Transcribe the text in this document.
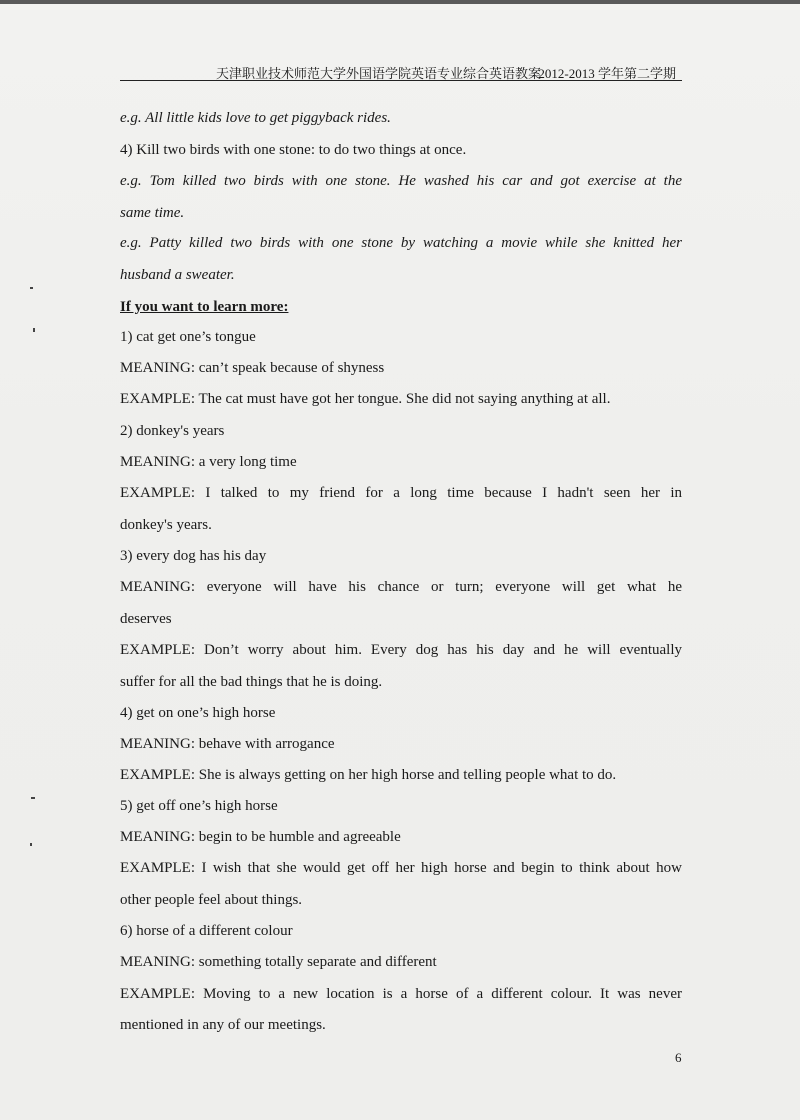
天津职业技术师范大学外国语学院英语专业综合英语教案
2012-2013 学年第二学期
e.g. All little kids love to get piggyback rides.
4) Kill two birds with one stone: to do two things at once.
e.g. Tom killed two birds with one stone. He washed his car and got exercise at the
same time.
e.g. Patty killed two birds with one stone by watching a movie while she knitted her
husband a sweater.
If you want to learn more:
1) cat get one’s tongue
MEANING: can’t speak because of shyness
EXAMPLE: The cat must have got her tongue. She did not saying anything at all.
2) donkey's years
MEANING: a very long time
EXAMPLE: I talked to my friend for a long time because I hadn't seen her in
donkey's years.
3) every dog has his day
MEANING: everyone will have his chance or turn; everyone will get what he
deserves
EXAMPLE: Don’t worry about him. Every dog has his day and he will eventually
suffer for all the bad things that he is doing.
4) get on one’s high horse
MEANING: behave with arrogance
EXAMPLE: She is always getting on her high horse and telling people what to do.
5) get off one’s high horse
MEANING: begin to be humble and agreeable
EXAMPLE: I wish that she would get off her high horse and begin to think about how
other people feel about things.
6) horse of a different colour
MEANING: something totally separate and different
EXAMPLE: Moving to a new location is a horse of a different colour. It was never
mentioned in any of our meetings.
6
